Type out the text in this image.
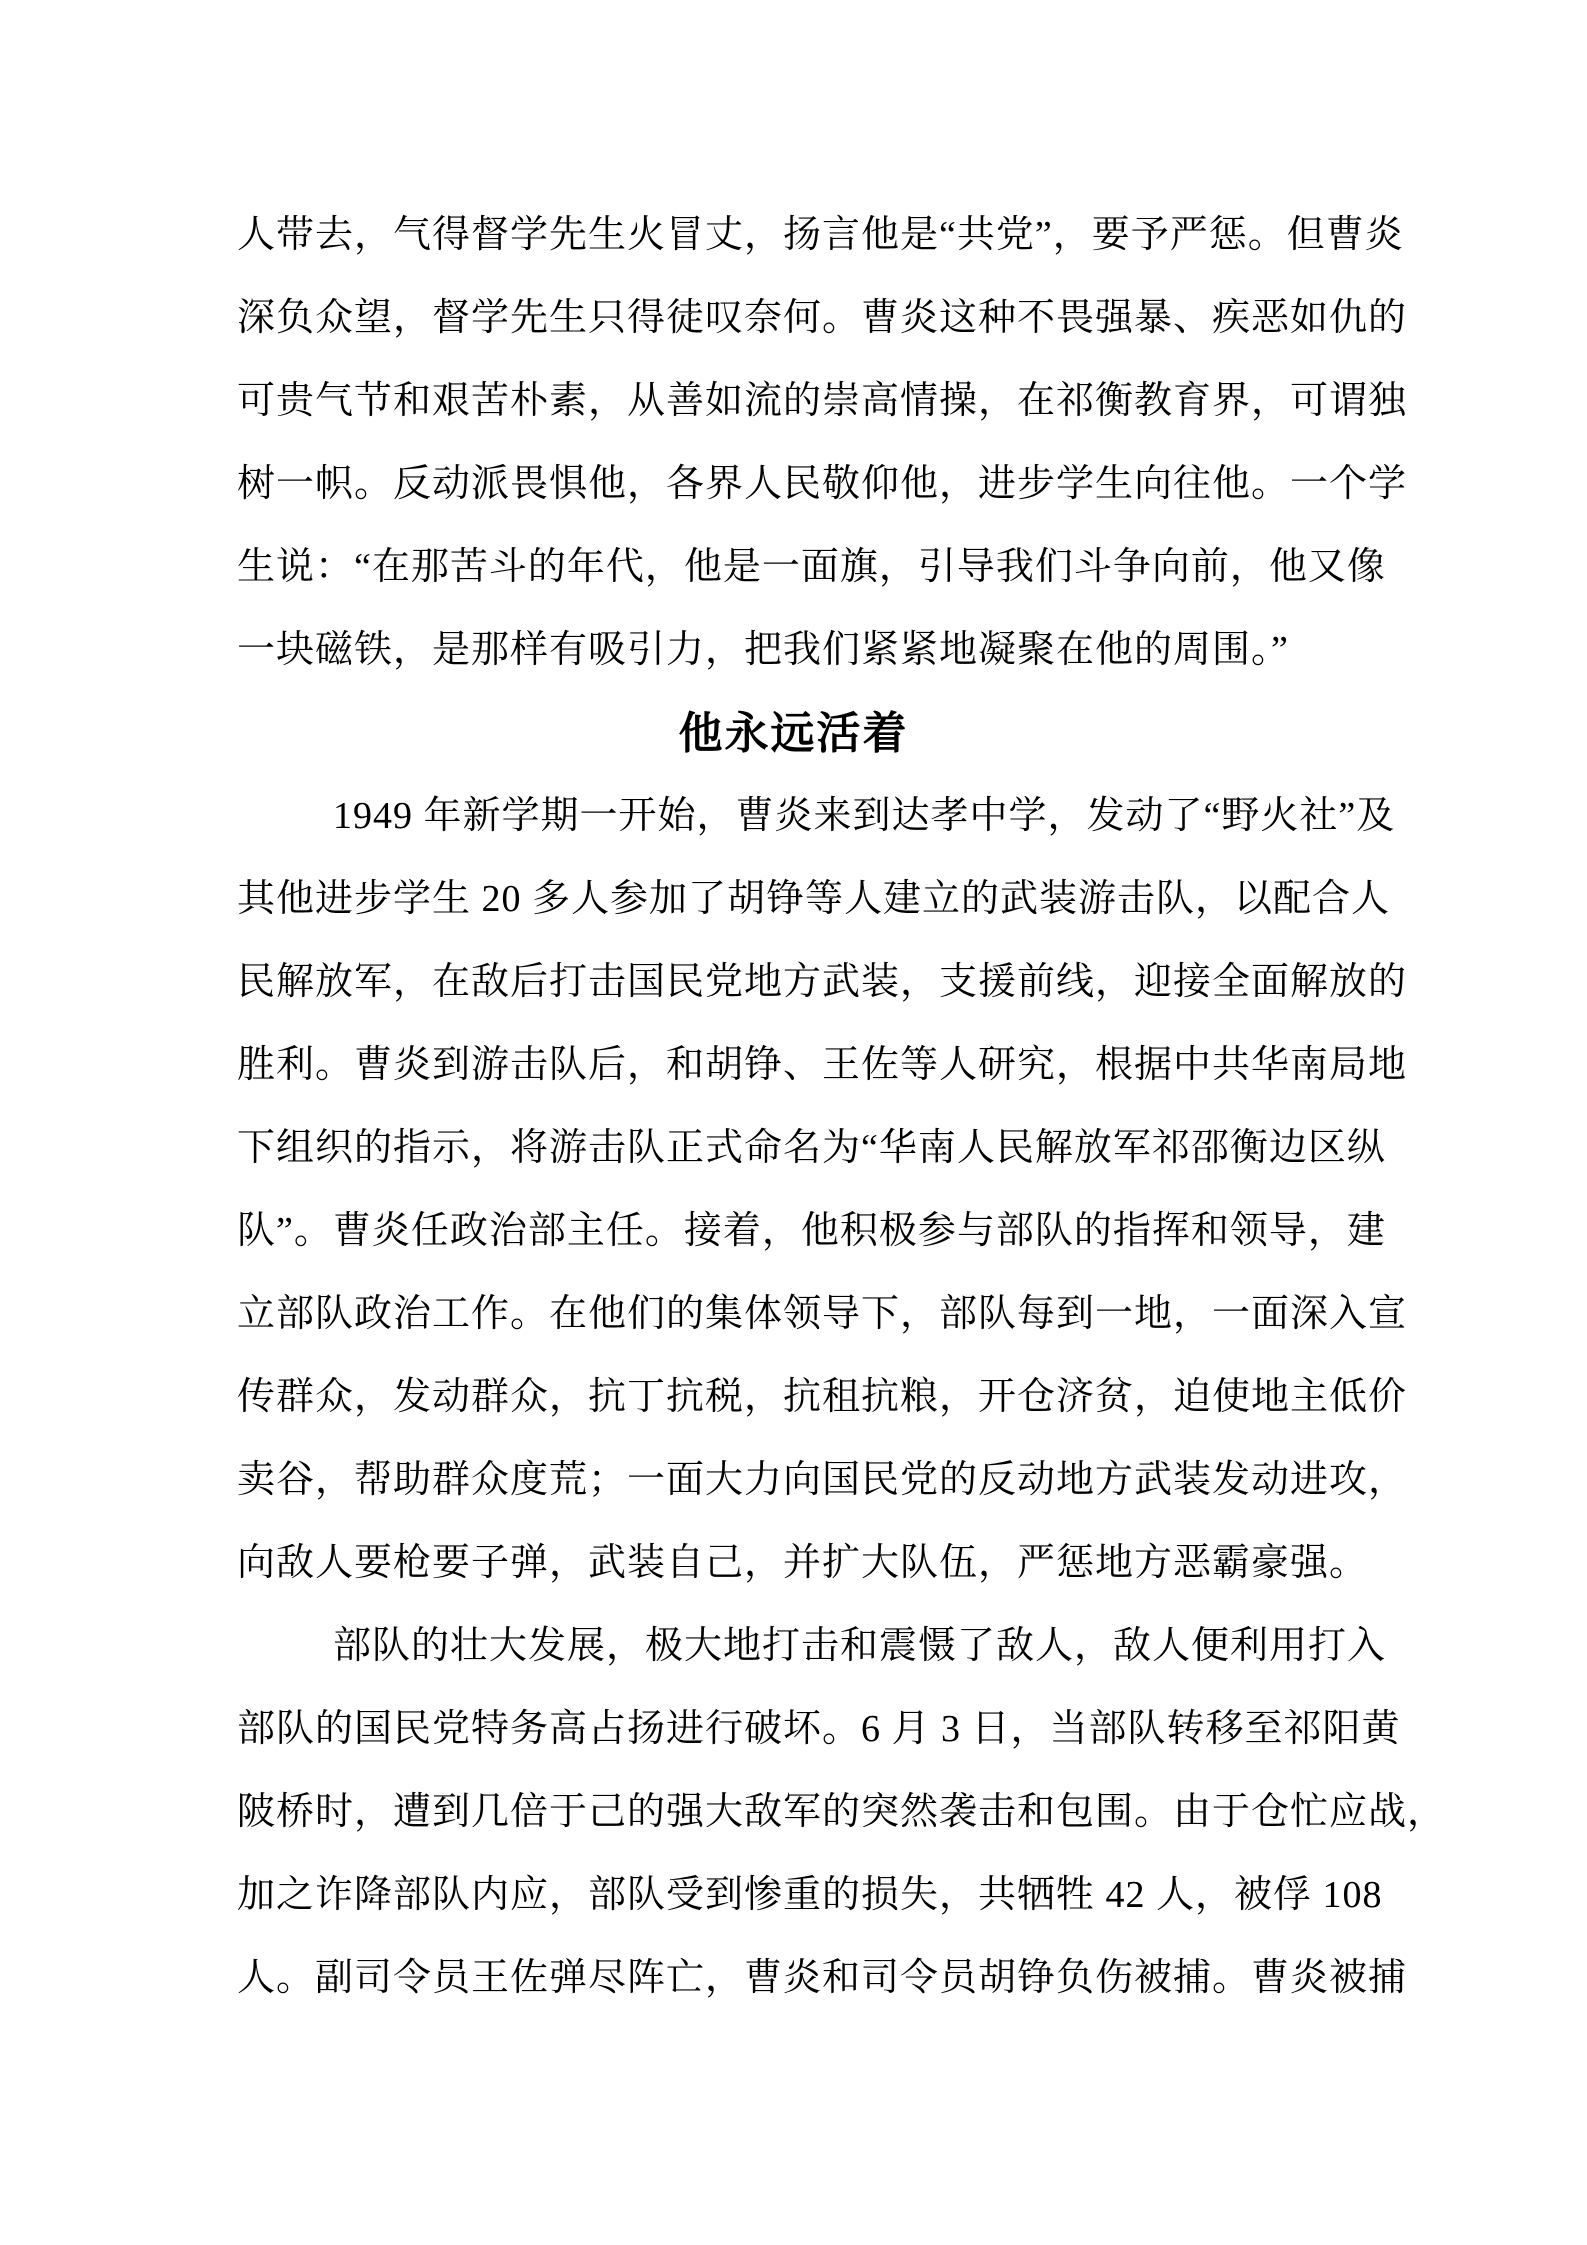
人带去，气得督学先生火冒丈，扬言他是“共党”，要予严惩。但曹炎
深负众望，督学先生只得徒叹奈何。曹炎这种不畏强暴、疾恶如仇的
可贵气节和艰苦朴素，从善如流的崇高情操，在祁衡教育界，可谓独
树一帜。反动派畏惧他，各界人民敬仰他，进步学生向往他。一个学
生说：“在那苦斗的年代，他是一面旗，引导我们斗争向前，他又像
一块磁铁，是那样有吸引力，把我们紧紧地凝聚在他的周围。”
他永远活着
1949 年新学期一开始，曹炎来到达孝中学，发动了“野火社”及
其他进步学生 20 多人参加了胡铮等人建立的武装游击队，以配合人
民解放军，在敌后打击国民党地方武装，支援前线，迎接全面解放的
胜利。曹炎到游击队后，和胡铮、王佐等人研究，根据中共华南局地
下组织的指示，将游击队正式命名为“华南人民解放军祁邵衡边区纵
队”。曹炎任政治部主任。接着，他积极参与部队的指挥和领导，建
立部队政治工作。在他们的集体领导下，部队每到一地，一面深入宣
传群众，发动群众，抗丁抗税，抗租抗粮，开仓济贫，迫使地主低价
卖谷，帮助群众度荒；一面大力向国民党的反动地方武装发动进攻，
向敌人要枪要子弹，武装自己，并扩大队伍，严惩地方恶霸豪强。
部队的壮大发展，极大地打击和震慑了敌人，敌人便利用打入
部队的国民党特务高占扬进行破坏。6 月 3 日，当部队转移至祁阳黄
陂桥时，遭到几倍于己的强大敌军的突然袭击和包围。由于仓忙应战，
加之诈降部队内应，部队受到惨重的损失，共牺牲 42 人，被俘 108
人。副司令员王佐弹尽阵亡，曹炎和司令员胡铮负伤被捕。曹炎被捕
